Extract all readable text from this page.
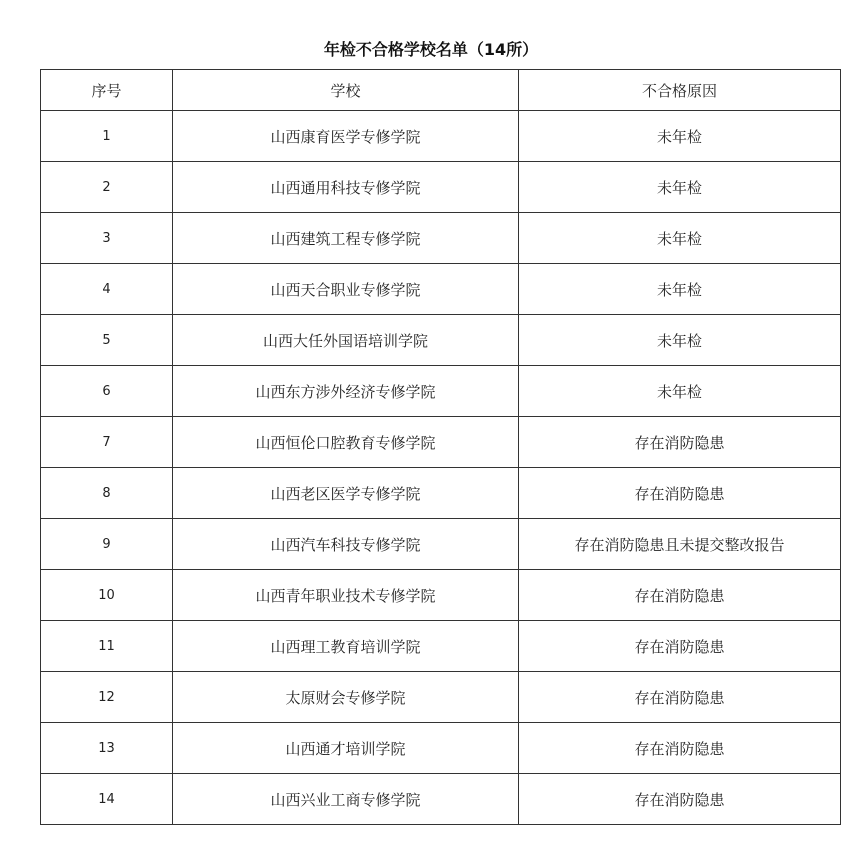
年检不合格学校名单（14所）
序号	学校	不合格原因
1	山西康育医学专修学院	未年检
2	山西通用科技专修学院	未年检
3	山西建筑工程专修学院	未年检
4	山西天合职业专修学院	未年检
5	山西大任外国语培训学院	未年检
6	山西东方涉外经济专修学院	未年检
7	山西恒伦口腔教育专修学院	存在消防隐患
8	山西老区医学专修学院	存在消防隐患
9	山西汽车科技专修学院	存在消防隐患且未提交整改报告
10	山西青年职业技术专修学院	存在消防隐患
11	山西理工教育培训学院	存在消防隐患
12	太原财会专修学院	存在消防隐患
13	山西通才培训学院	存在消防隐患
14	山西兴业工商专修学院	存在消防隐患
